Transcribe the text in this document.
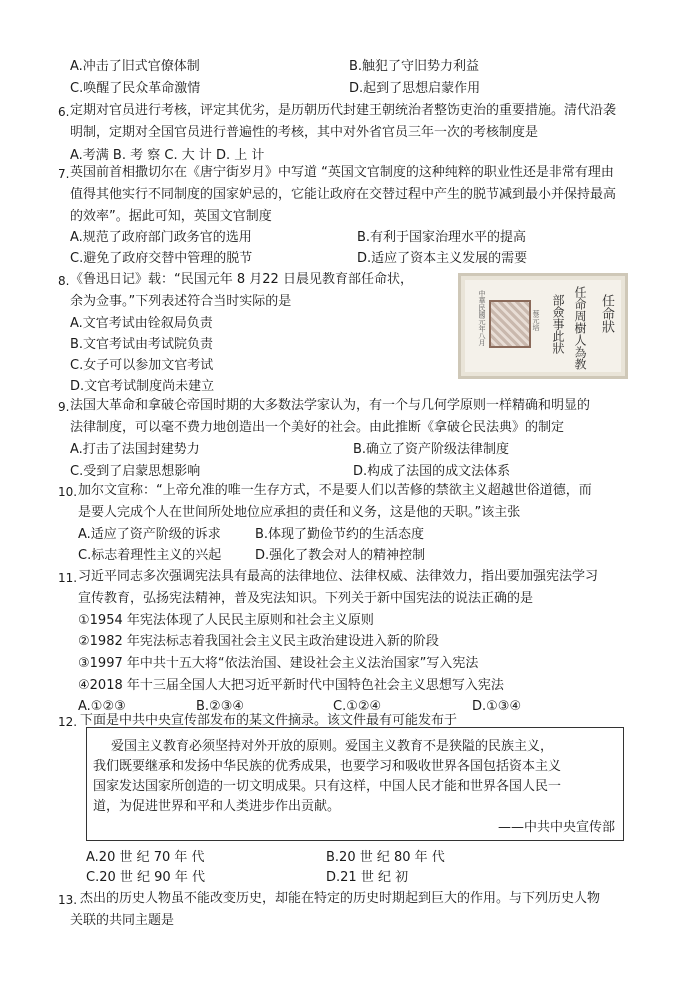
A.冲击了旧式官僚体制	B.触犯了守旧势力利益
C.唤醒了民众革命激情	D.起到了思想启蒙作用
6. 定期对官员进行考核，评定其优劣，是历朝历代封建王朝统治者整饬吏治的重要措施。清代沿袭
明制，定期对全国官员进行普遍性的考核，其中对外省官员三年一次的考核制度是
A.考满 B. 考 察 C. 大 计 D. 上 计
7. 英国前首相撒切尔在《唐宁街岁月》中写道 “英国文官制度的这种纯粹的职业性还是非常有理由
值得其他实行不同制度的国家妒忌的，它能让政府在交替过程中产生的脱节减到最小并保持最高
的效率”。据此可知，英国文官制度
A.规范了政府部门政务官的选用	B.有利于国家治理水平的提高
C.避免了政府交替中管理的脱节	D.适应了资本主义发展的需要
8. 《鲁迅日记》载：“民国元年 8 月22 日晨见教育部任命状，
余为佥事。”下列表述符合当时实际的是
A.文官考试由铨叙局负责
B.文官考试由考试院负责
C.女子可以参加文官考试
D.文官考试制度尚未建立
中華民國元年八月	蔡元培 部僉事此狀 任命周樹人為教 任命狀
9. 法国大革命和拿破仑帝国时期的大多数法学家认为，有一个与几何学原则一样精确和明显的
法律制度，可以毫不费力地创造出一个美好的社会。由此推断《拿破仑民法典》的制定
A.打击了法国封建势力	B.确立了资产阶级法律制度
C.受到了启蒙思想影响	D.构成了法国的成文法体系
10. 加尔文宣称：“上帝允准的唯一生存方式，不是要人们以苦修的禁欲主义超越世俗道德，而
是要人完成个人在世间所处地位应承担的责任和义务，这是他的天职。”该主张
A.适应了资产阶级的诉求	B.体现了勤俭节约的生活态度
C.标志着理性主义的兴起	D.强化了教会对人的精神控制
11. 习近平同志多次强调宪法具有最高的法律地位、法律权威、法律效力，指出要加强宪法学习
宣传教育，弘扬宪法精神，普及宪法知识。下列关于新中国宪法的说法正确的是
①1954 年宪法体现了人民民主原则和社会主义原则
②1982 年宪法标志着我国社会主义民主政治建设进入新的阶段
③1997 年中共十五大将“依法治国、建设社会主义法治国家”写入宪法
④2018 年十三届全国人大把习近平新时代中国特色社会主义思想写入宪法
A.①②③	B.②③④	C.①②④	D.①③④
12. 下面是中共中央宣传部发布的某文件摘录。该文件最有可能发布于
爱国主义教育必须坚持对外开放的原则。爱国主义教育不是狭隘的民族主义，
我们既要继承和发扬中华民族的优秀成果，也要学习和吸收世界各国包括资本主义
国家发达国家所创造的一切文明成果。只有这样，中国人民才能和世界各国人民一
道，为促进世界和平和人类进步作出贡献。
——中共中央宣传部
A.20 世 纪 70 年 代	B.20 世 纪 80 年 代
C.20 世 纪 90 年 代	D.21 世 纪 初
13. 杰出的历史人物虽不能改变历史，却能在特定的历史时期起到巨大的作用。与下列历史人物
关联的共同主题是
